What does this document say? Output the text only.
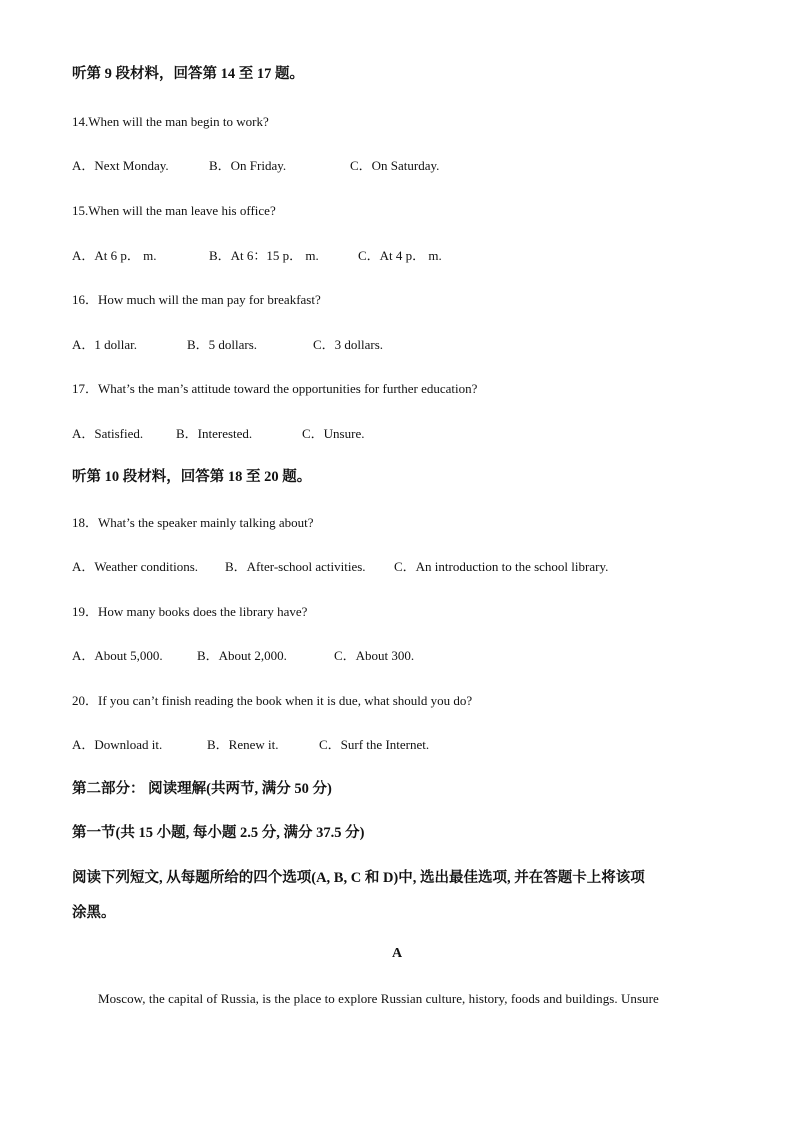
听第 9 段材料，回答第 14 至 17 题。
14.When will the man begin to work?
A．Next Monday.	B．On Friday.	C．On Saturday.
15.When will the man leave his office?
A．At 6 p． m.	B．At 6：15 p． m.	C．At 4 p． m.
16．How much will the man pay for breakfast?
A．1 dollar.	B．5 dollars.	C．3 dollars.
17．What’s the man’s attitude toward the opportunities for further education?
A．Satisfied.	B．Interested.	C．Unsure.
听第 10 段材料，回答第 18 至 20 题。
18．What’s the speaker mainly talking about?
A．Weather conditions. B．After-school activities. C．An introduction to the school library.
19．How many books does the library have?
A．About 5,000.	B．About 2,000.	C．About 300.
20．If you can’t finish reading the book when it is due, what should you do?
A．Download it.	B．Renew it.	C．Surf the Internet.
第二部分： 阅读理解(共两节, 满分 50 分)
第一节(共 15 小题, 每小题 2.5 分, 满分 37.5 分)
阅读下列短文, 从每题所给的四个选项(A, B, C 和 D)中, 选出最佳选项, 并在答题卡上将该项
涂黑。
A
Moscow, the capital of Russia, is the place to explore Russian culture, history, foods and buildings. Unsure
